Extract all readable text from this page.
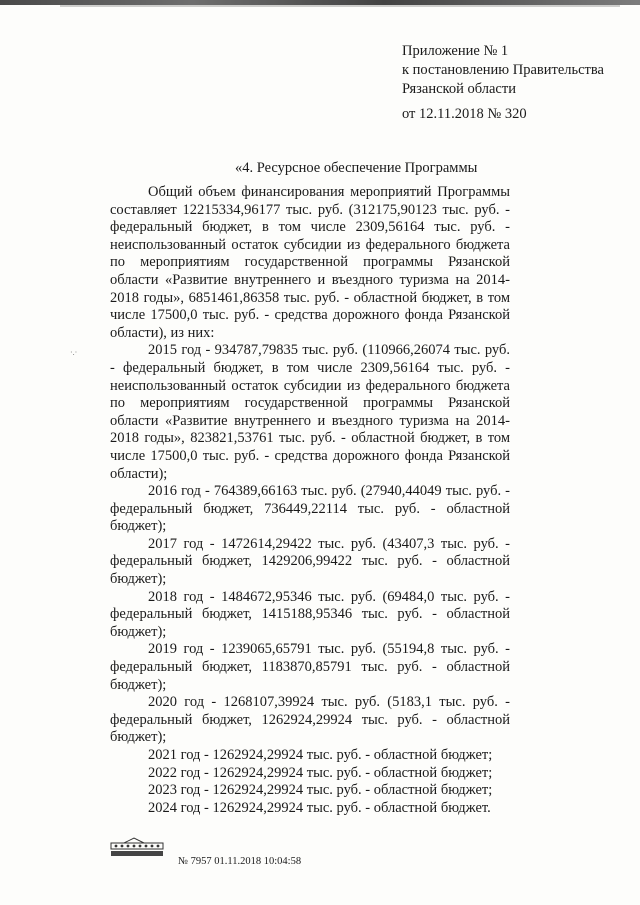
Приложение № 1
к постановлению Правительства
Рязанской области
от 12.11.2018 № 320
«4. Ресурсное обеспечение Программы

Общий объем финансирования мероприятий Программы составляет 12215334,96177 тыс. руб. (312175,90123 тыс. руб. - федеральный бюджет, в том числе 2309,56164 тыс. руб. - неиспользованный остаток субсидии из федерального бюджета по мероприятиям государственной программы Рязанской области «Развитие внутреннего и въездного туризма на 2014-2018 годы», 6851461,86358 тыс. руб. - областной бюджет, в том числе 17500,0 тыс. руб. - средства дорожного фонда Рязанской области), из них:

2015 год - 934787,79835 тыс. руб. (110966,26074 тыс. руб. - федеральный бюджет, в том числе 2309,56164 тыс. руб. - неиспользованный остаток субсидии из федерального бюджета по мероприятиям государственной программы Рязанской области «Развитие внутреннего и въездного туризма на 2014-2018 годы», 823821,53761 тыс. руб. - областной бюджет, в том числе 17500,0 тыс. руб. - средства дорожного фонда Рязанской области);

2016 год - 764389,66163 тыс. руб. (27940,44049 тыс. руб. - федеральный бюджет, 736449,22114 тыс. руб. - областной бюджет);

2017 год - 1472614,29422 тыс. руб. (43407,3 тыс. руб. - федеральный бюджет, 1429206,99422 тыс. руб. - областной бюджет);

2018 год - 1484672,95346 тыс. руб. (69484,0 тыс. руб. - федеральный бюджет, 1415188,95346 тыс. руб. - областной бюджет);

2019 год - 1239065,65791 тыс. руб. (55194,8 тыс. руб. - федеральный бюджет, 1183870,85791 тыс. руб. - областной бюджет);

2020 год - 1268107,39924 тыс. руб. (5183,1 тыс. руб. - федеральный бюджет, 1262924,29924 тыс. руб. - областной бюджет);

2021 год - 1262924,29924 тыс. руб. - областной бюджет;

2022 год - 1262924,29924 тыс. руб. - областной бюджет;

2023 год - 1262924,29924 тыс. руб. - областной бюджет;

2024 год - 1262924,29924 тыс. руб. - областной бюджет.

·.·
№ 7957 01.11.2018 10:04:58
